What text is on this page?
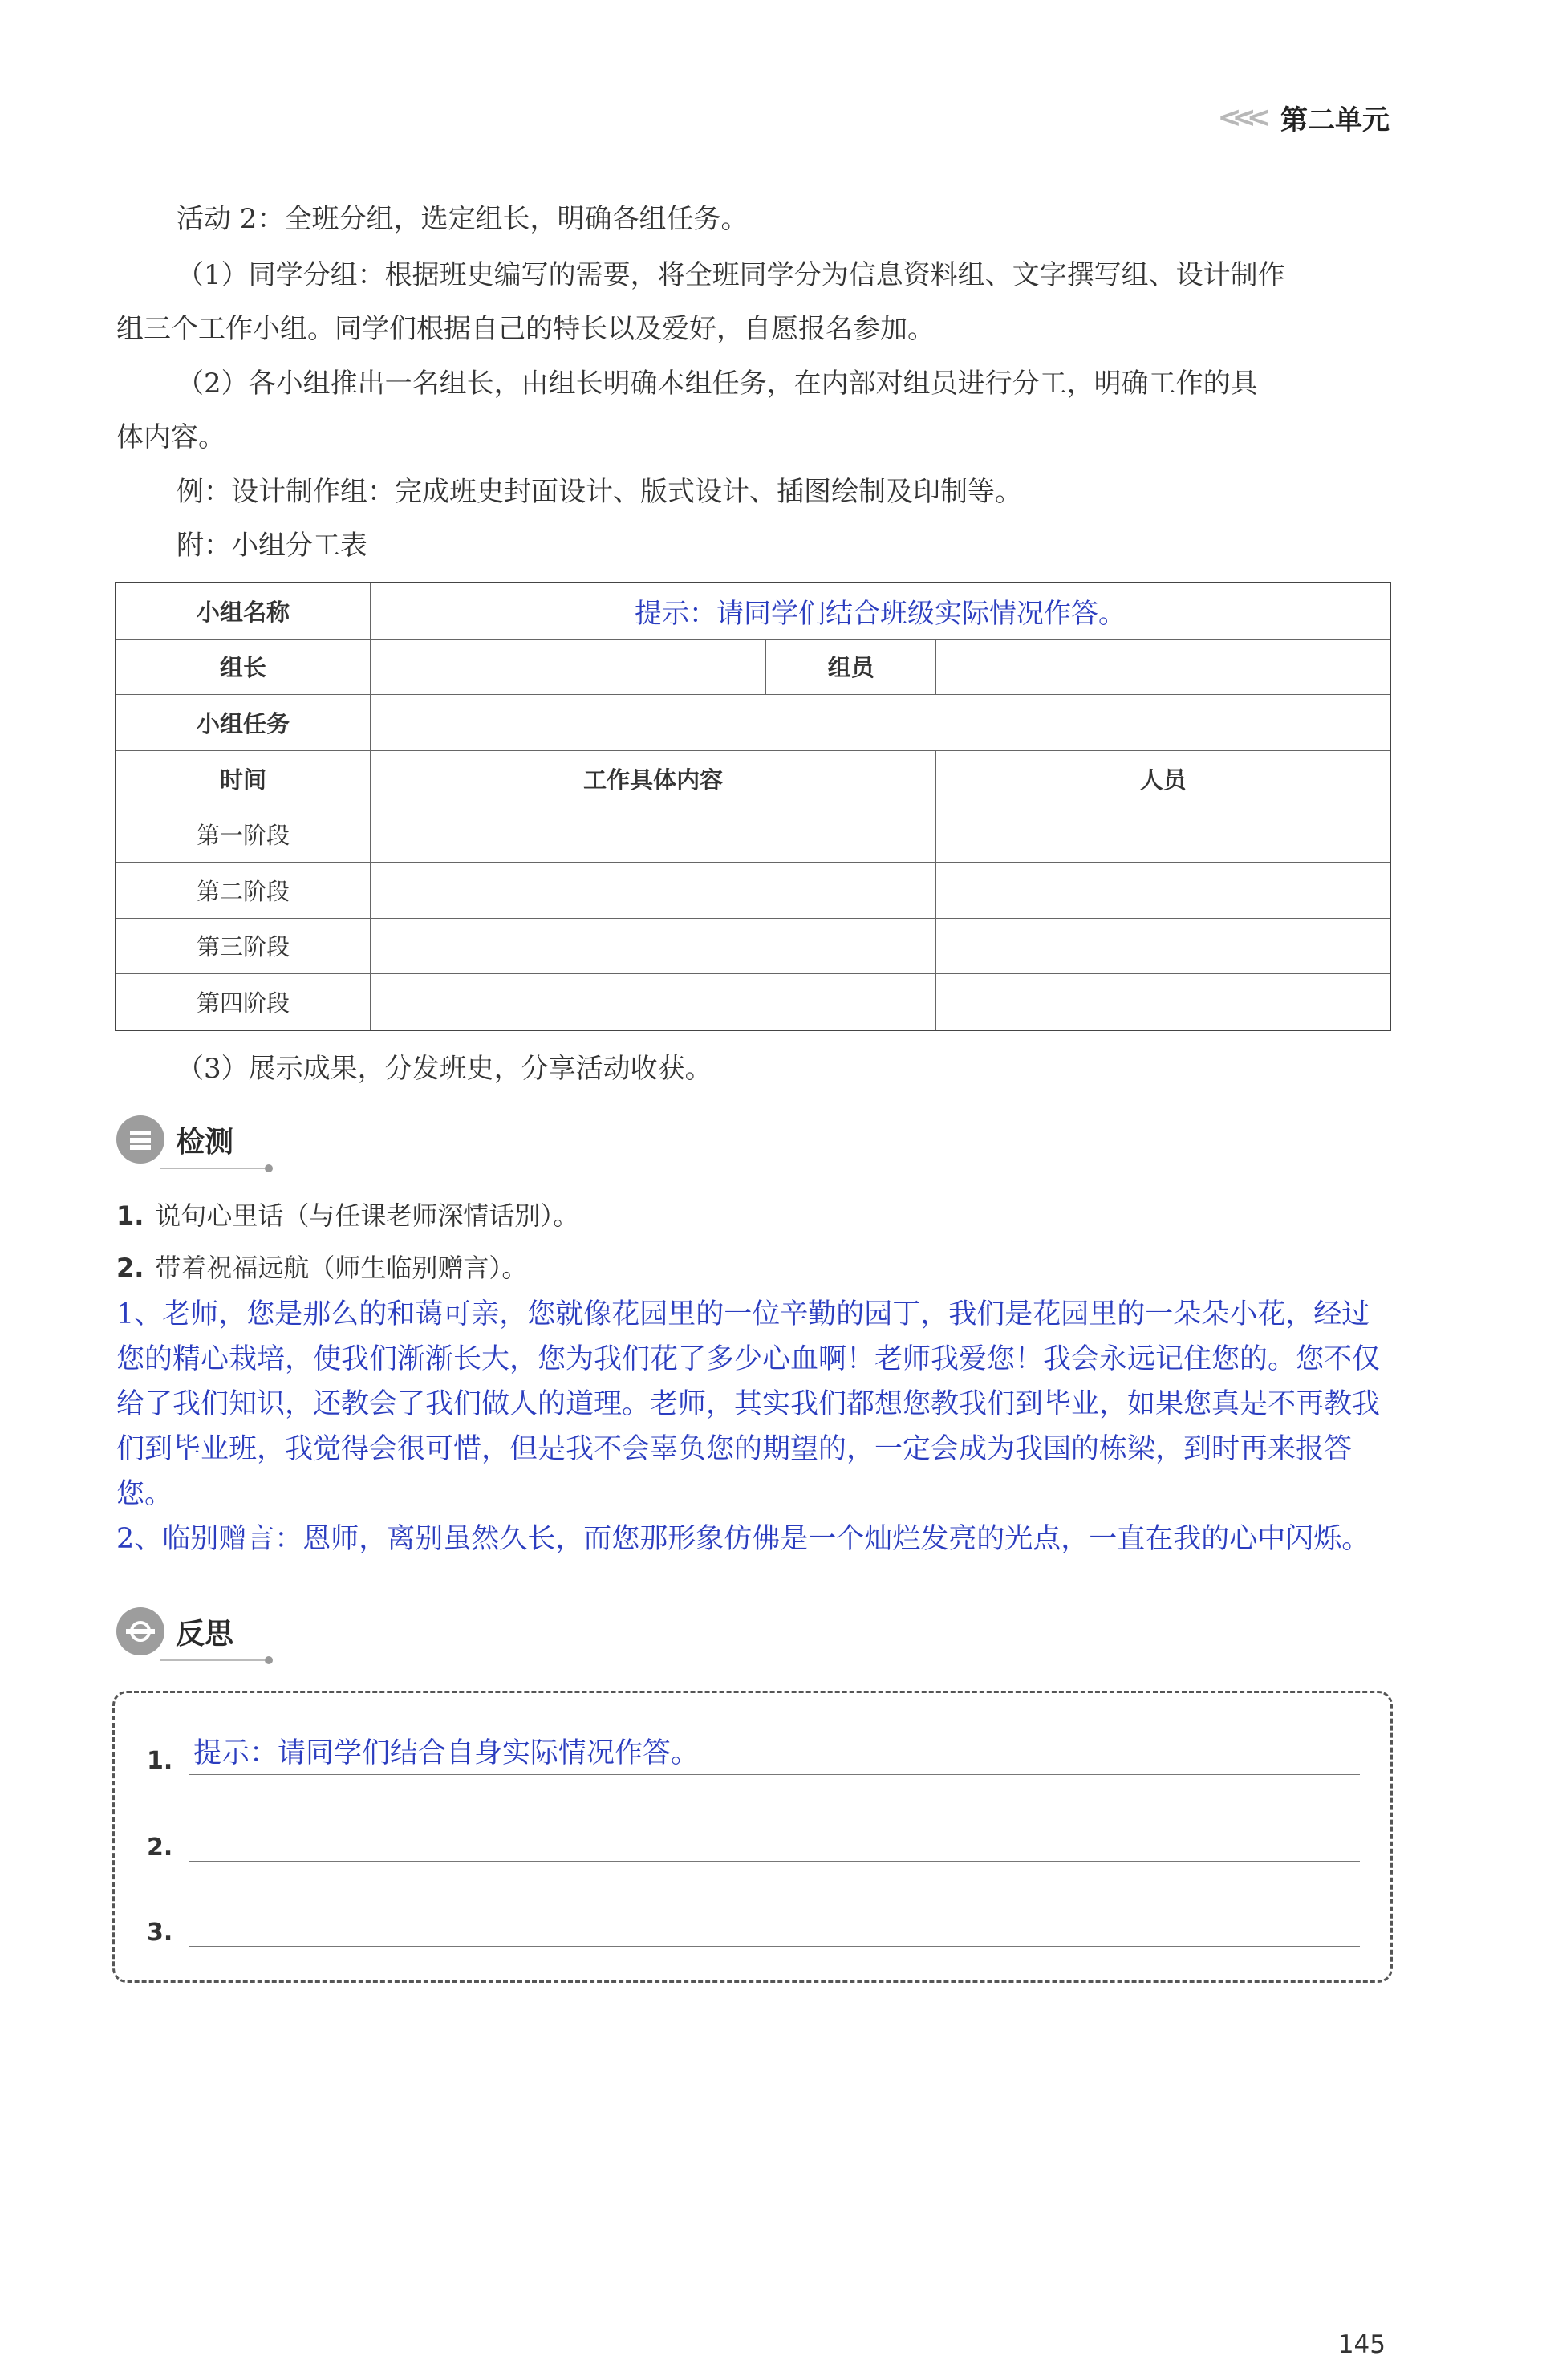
<<< 第二单元
活动 2：全班分组，选定组长，明确各组任务。
（1）同学分组：根据班史编写的需要，将全班同学分为信息资料组、文字撰写组、设计制作
组三个工作小组。同学们根据自己的特长以及爱好，自愿报名参加。
（2）各小组推出一名组长，由组长明确本组任务，在内部对组员进行分工，明确工作的具
体内容。
例：设计制作组：完成班史封面设计、版式设计、插图绘制及印制等。
附：小组分工表
小组名称	提示：请同学们结合班级实际情况作答。		
组长		组员	
小组任务			
时间	工作具体内容		人员
第一阶段			
第二阶段			
第三阶段			
第四阶段			
（3）展示成果，分发班史，分享活动收获。
检测
1. 说句心里话（与任课老师深情话别）。
2. 带着祝福远航（师生临别赠言）。

1、老师，您是那么的和蔼可亲，您就像花园里的一位辛勤的园丁，我们是花园里的一朵朵小花，经过您的精心栽培，使我们渐渐长大，您为我们花了多少心血啊！老师我爱您！我会永远记住您的。您不仅给了我们知识，还教会了我们做人的道理。老师，其实我们都想您教我们到毕业，如果您真是不再教我们到毕业班，我觉得会很可惜，但是我不会辜负您的期望的，一定会成为我国的栋梁，到时再来报答您。

2、临别赠言：恩师，离别虽然久长，而您那形象仿佛是一个灿烂发亮的光点，一直在我的心中闪烁。

反思
1. 提示：请同学们结合自身实际情况作答。
2.
3.
145
